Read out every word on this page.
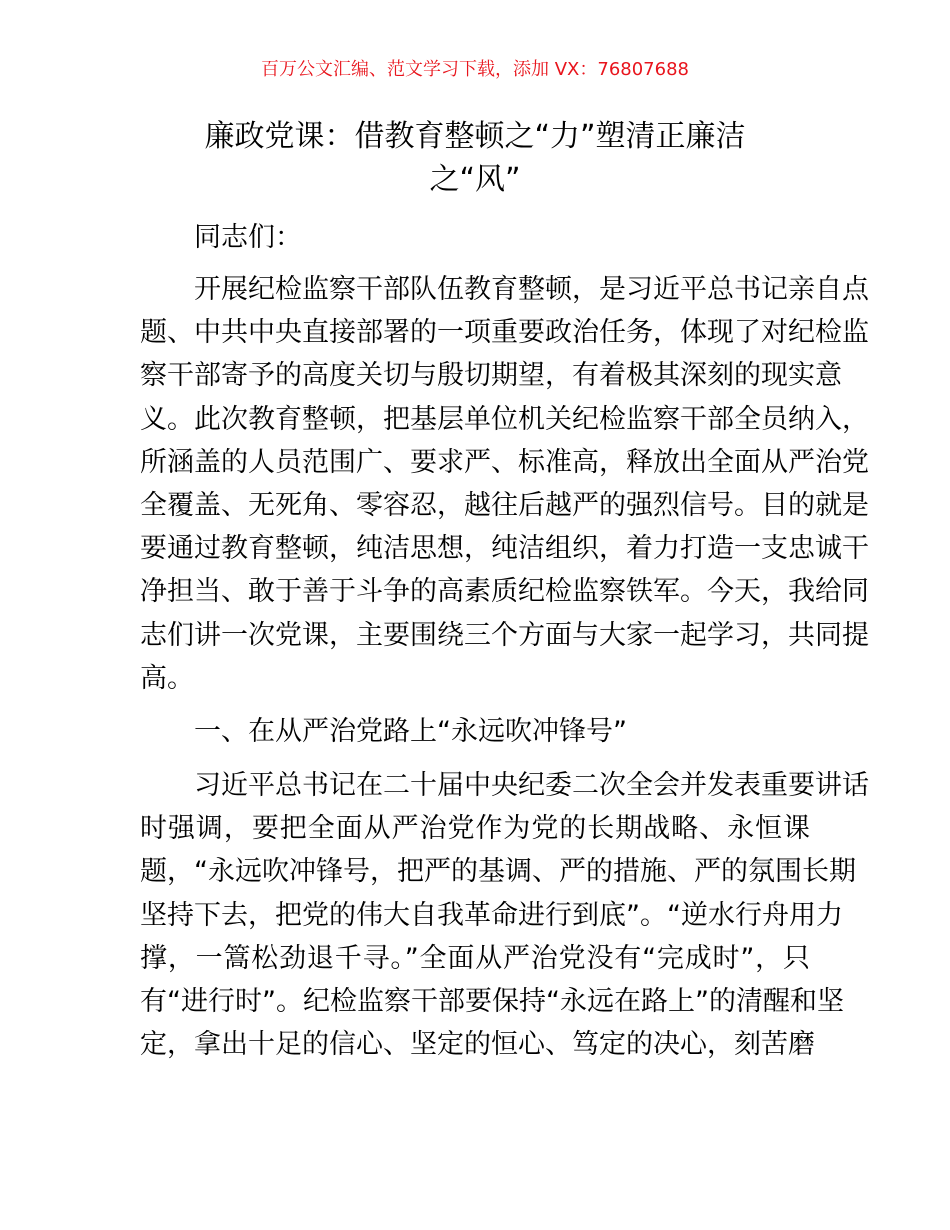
百万公文汇编、范文学习下载，添加 VX：76807688
廉政党课：借教育整顿之“力”塑清正廉洁
之“风”
同志们：
开展纪检监察干部队伍教育整顿，是习近平总书记亲自点
题、中共中央直接部署的一项重要政治任务，体现了对纪检监
察干部寄予的高度关切与殷切期望，有着极其深刻的现实意
义。此次教育整顿，把基层单位机关纪检监察干部全员纳入，
所涵盖的人员范围广、要求严、标准高，释放出全面从严治党
全覆盖、无死角、零容忍，越往后越严的强烈信号。目的就是
要通过教育整顿，纯洁思想，纯洁组织，着力打造一支忠诚干
净担当、敢于善于斗争的高素质纪检监察铁军。今天，我给同
志们讲一次党课，主要围绕三个方面与大家一起学习，共同提
高。
一、在从严治党路上“永远吹冲锋号”
习近平总书记在二十届中央纪委二次全会并发表重要讲话
时强调，要把全面从严治党作为党的长期战略、永恒课
题，“永远吹冲锋号，把严的基调、严的措施、严的氛围长期
坚持下去，把党的伟大自我革命进行到底”。“逆水行舟用力
撑，一篙松劲退千寻。”全面从严治党没有“完成时”，只
有“进行时”。纪检监察干部要保持“永远在路上”的清醒和坚
定，拿出十足的信心、坚定的恒心、笃定的决心，刻苦磨
